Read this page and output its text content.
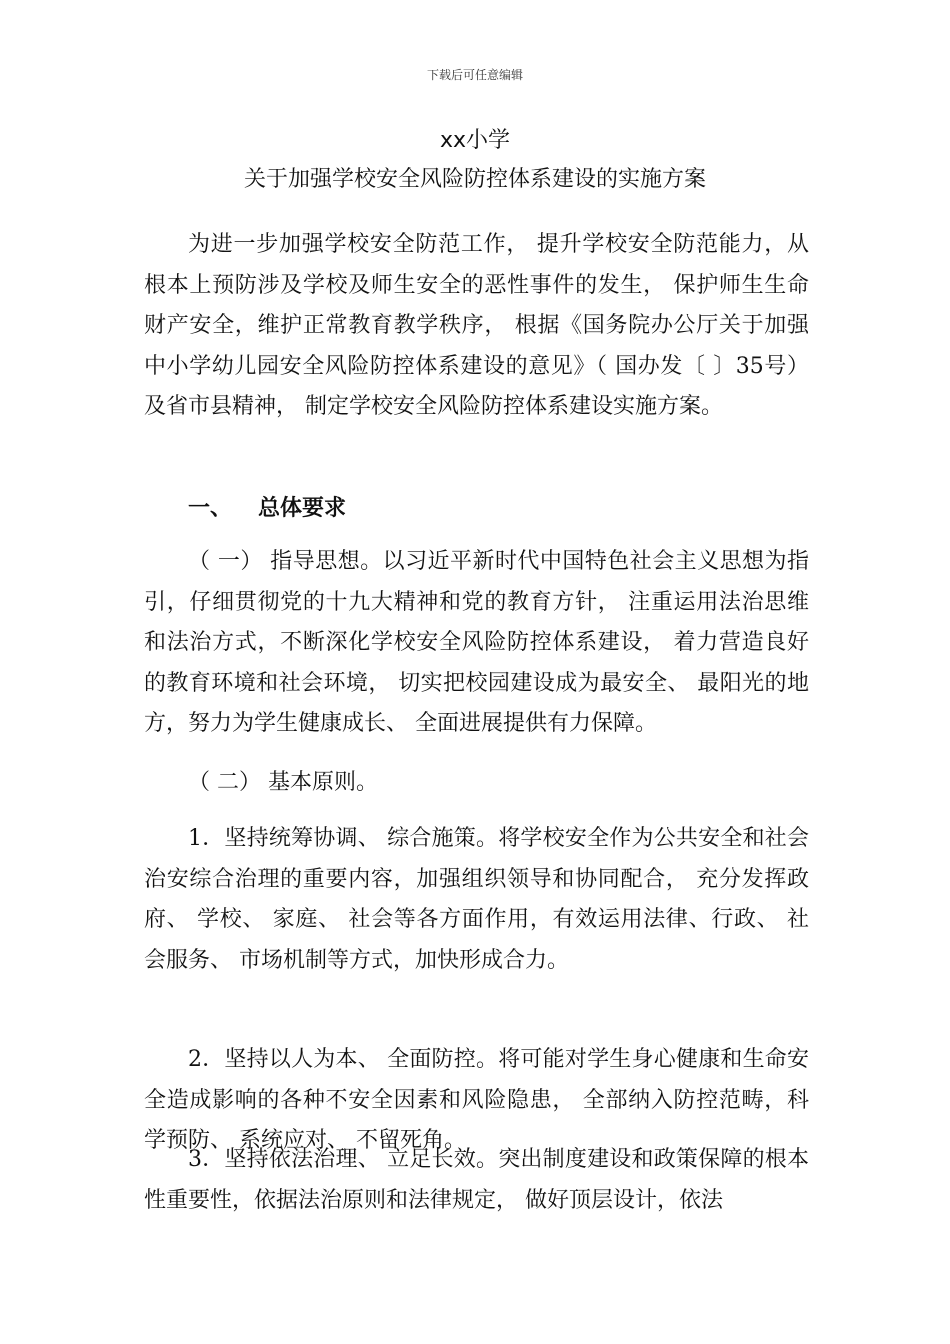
下载后可任意编辑
xx小学
关于加强学校安全风险防控体系建设的实施方案

为进一步加强学校安全防范工作， 提升学校安全防范能力，从根本上预防涉及学校及师生安全的恶性事件的发生， 保护师生生命财产安全，维护正常教育教学秩序， 根据《国务院办公厅关于加强中小学幼儿园安全风险防控体系建设的意见》（ 国办发〔 〕35号）及省市县精神， 制定学校安全风险防控体系建设实施方案。

一、 总体要求

（ 一） 指导思想。以习近平新时代中国特色社会主义思想为指引，仔细贯彻党的十九大精神和党的教育方针， 注重运用法治思维和法治方式，不断深化学校安全风险防控体系建设， 着力营造良好的教育环境和社会环境， 切实把校园建设成为最安全、 最阳光的地方，努力为学生健康成长、 全面进展提供有力保障。

（ 二） 基本原则。

1．坚持统筹协调、 综合施策。将学校安全作为公共安全和社会治安综合治理的重要内容，加强组织领导和协同配合， 充分发挥政府、 学校、 家庭、 社会等各方面作用，有效运用法律、行政、 社会服务、 市场机制等方式，加快形成合力。

2．坚持以人为本、 全面防控。将可能对学生身心健康和生命安全造成影响的各种不安全因素和风险隐患， 全部纳入防控范畴，科学预防、 系统应对、 不留死角。

3．坚持依法治理、 立足长效。突出制度建设和政策保障的根本性重要性，依据法治原则和法律规定， 做好顶层设计，依法
